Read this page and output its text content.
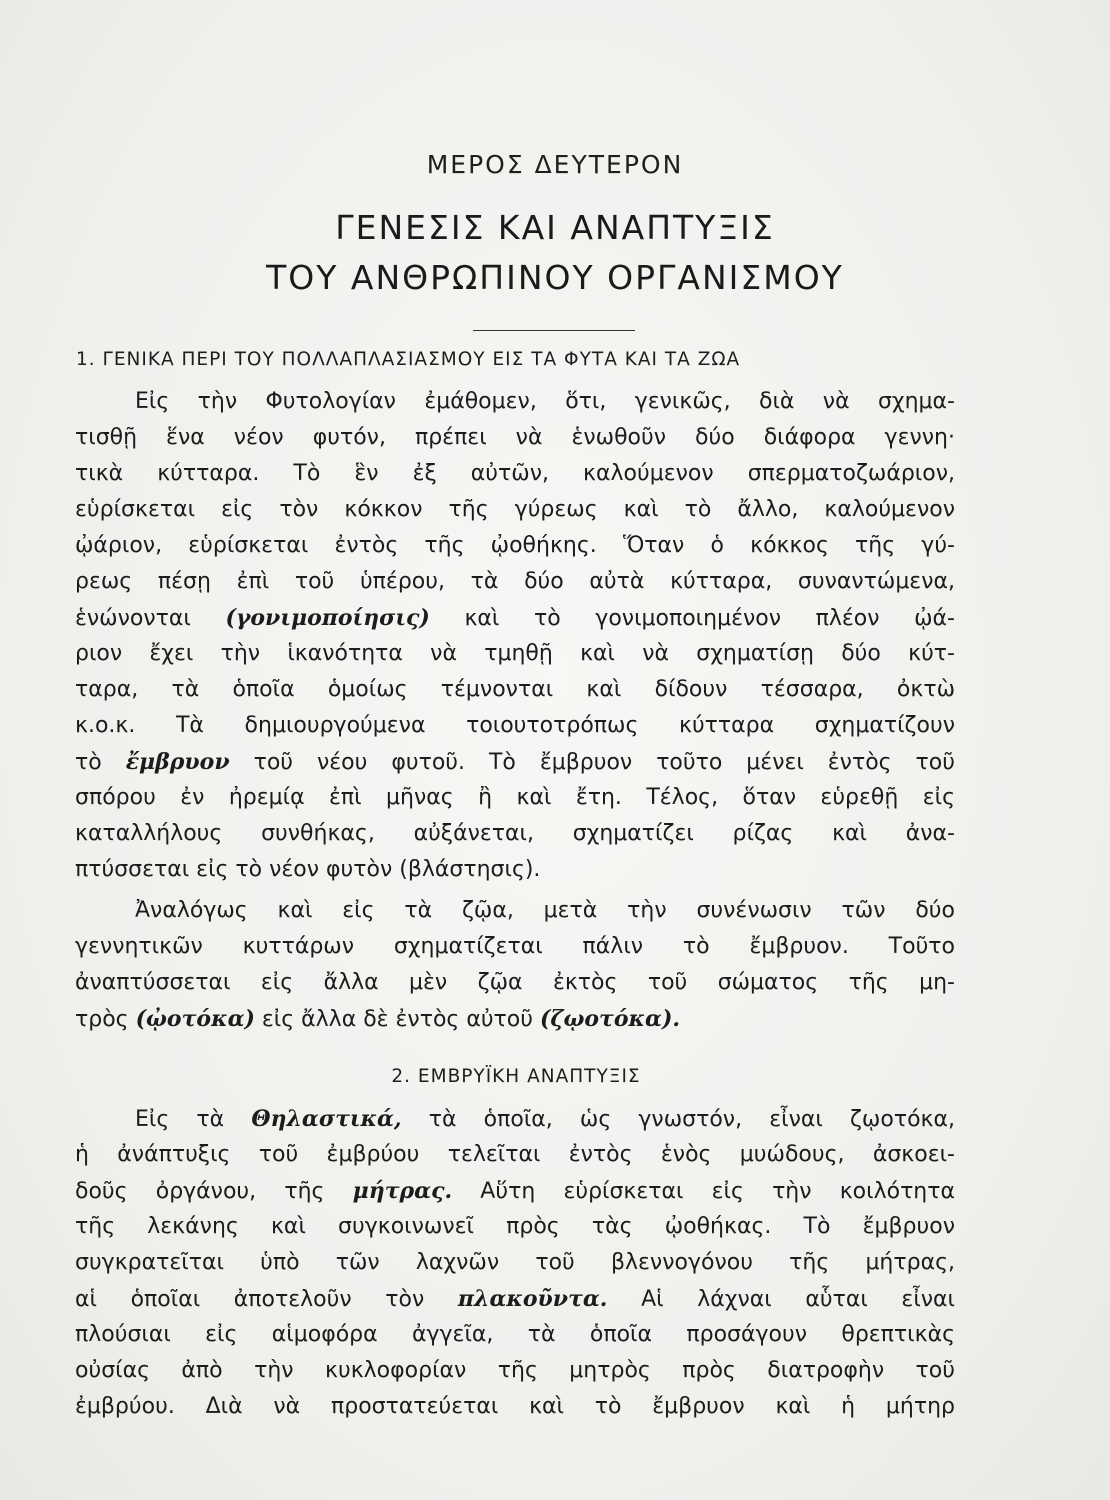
ΜΕΡΟΣ ΔΕΥΤΕΡΟΝ
ΓΕΝΕΣΙΣ ΚΑΙ ΑΝΑΠΤΥΞΙΣ
ΤΟΥ ΑΝΘΡΩΠΙΝΟΥ ΟΡΓΑΝΙΣΜΟΥ
1. ΓΕΝΙΚΑ ΠΕΡΙ ΤΟΥ ΠΟΛΛΑΠΛΑΣΙΑΣΜΟΥ ΕΙΣ ΤΑ ΦΥΤΑ ΚΑΙ ΤΑ ΖΩΑ
Εἰς τὴν Φυτολογίαν ἐμάθομεν, ὅτι, γενικῶς, διὰ νὰ σχημα-
τισθῇ ἕνα νέον φυτόν, πρέπει νὰ ἑνωθοῦν δύο διάφορα γεννη·
τικὰ κύτταρα. Τὸ ἓν ἐξ αὐτῶν, καλούμενον σπερματοζωάριον,
εὑρίσκεται εἰς τὸν κόκκον τῆς γύρεως καὶ τὸ ἄλλο, καλούμενον
ᾠάριον, εὑρίσκεται ἐντὸς τῆς ᾠοθήκης. Ὅταν ὁ κόκκος τῆς γύ-
ρεως πέσῃ ἐπὶ τοῦ ὑπέρου, τὰ δύο αὐτὰ κύτταρα, συναντώμενα,
ἑνώνονται (γονιμοποίησις) καὶ τὸ γονιμοποιημένον πλέον ᾠά-
ριον ἔχει τὴν ἱκανότητα νὰ τμηθῇ καὶ νὰ σχηματίσῃ δύο κύτ-
ταρα, τὰ ὁποῖα ὁμοίως τέμνονται καὶ δίδουν τέσσαρα, ὀκτὼ
κ.ο.κ. Τὰ δημιουργούμενα τοιουτοτρόπως κύτταρα σχηματίζουν
τὸ ἔμβρυον τοῦ νέου φυτοῦ. Τὸ ἔμβρυον τοῦτο μένει ἐντὸς τοῦ
σπόρου ἐν ἠρεμίᾳ ἐπὶ μῆνας ἢ καὶ ἔτη. Τέλος, ὅταν εὑρεθῇ εἰς
καταλλήλους συνθήκας, αὐξάνεται, σχηματίζει ρίζας καὶ ἀνα-
πτύσσεται εἰς τὸ νέον φυτὸν (βλάστησις).
Ἀναλόγως καὶ εἰς τὰ ζῷα, μετὰ τὴν συνένωσιν τῶν δύο
γεννητικῶν κυττάρων σχηματίζεται πάλιν τὸ ἔμβρυον. Τοῦτο
ἀναπτύσσεται εἰς ἄλλα μὲν ζῷα ἐκτὸς τοῦ σώματος τῆς μη-
τρὸς (ᾠοτόκα) εἰς ἄλλα δὲ ἐντὸς αὐτοῦ (ζῳοτόκα).
2. ΕΜΒΡΥΪΚΗ ΑΝΑΠΤΥΞΙΣ
Εἰς τὰ Θηλαστικά, τὰ ὁποῖα, ὡς γνωστόν, εἶναι ζῳοτόκα,
ἡ ἀνάπτυξις τοῦ ἐμβρύου τελεῖται ἐντὸς ἑνὸς μυώδους, ἀσκοει-
δοῦς ὀργάνου, τῆς μήτρας. Αὕτη εὑρίσκεται εἰς τὴν κοιλότητα
τῆς λεκάνης καὶ συγκοινωνεῖ πρὸς τὰς ᾠοθήκας. Τὸ ἔμβρυον
συγκρατεῖται ὑπὸ τῶν λαχνῶν τοῦ βλεννογόνου τῆς μήτρας,
αἱ ὁποῖαι ἀποτελοῦν τὸν πλακοῦντα. Αἱ λάχναι αὗται εἶναι
πλούσιαι εἰς αἱμοφόρα ἀγγεῖα, τὰ ὁποῖα προσάγουν θρεπτικὰς
οὐσίας ἀπὸ τὴν κυκλοφορίαν τῆς μητρὸς πρὸς διατροφὴν τοῦ
ἐμβρύου. Διὰ νὰ προστατεύεται καὶ τὸ ἔμβρυον καὶ ἡ μήτηρ
